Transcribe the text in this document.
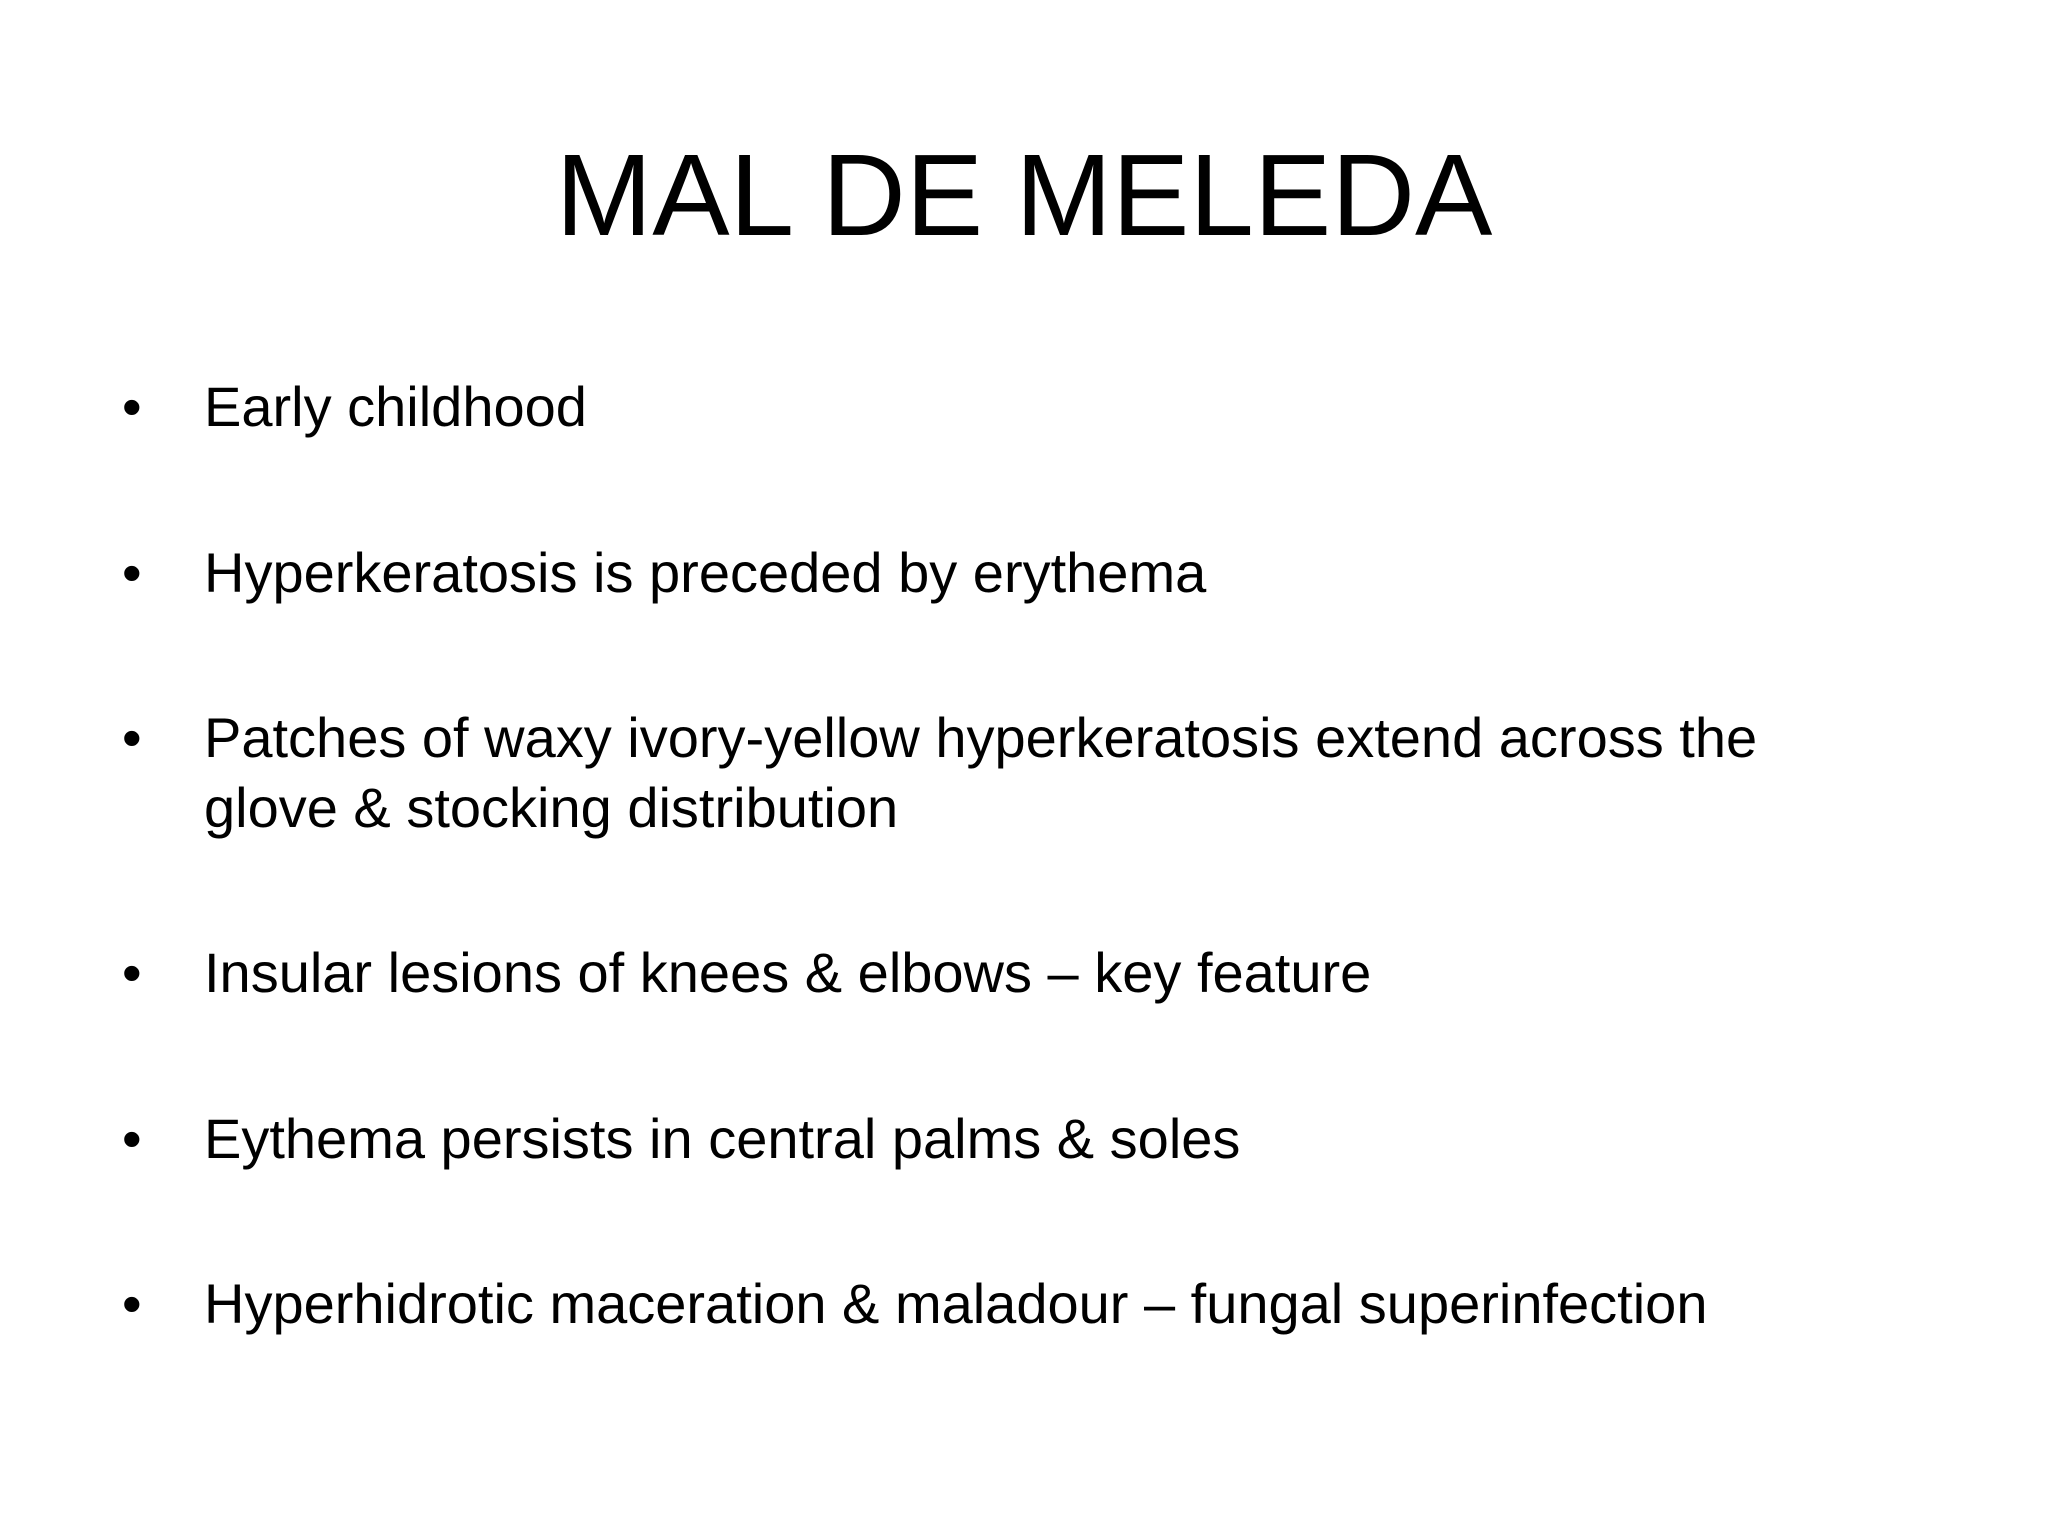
MAL DE MELEDA
•	Early childhood
•	Hyperkeratosis is preceded by erythema
•	Patches of waxy ivory-yellow hyperkeratosis extend across the
glove & stocking distribution
•	Insular lesions of knees & elbows – key feature
•	Eythema persists in central palms & soles
•	Hyperhidrotic maceration & maladour – fungal superinfection
